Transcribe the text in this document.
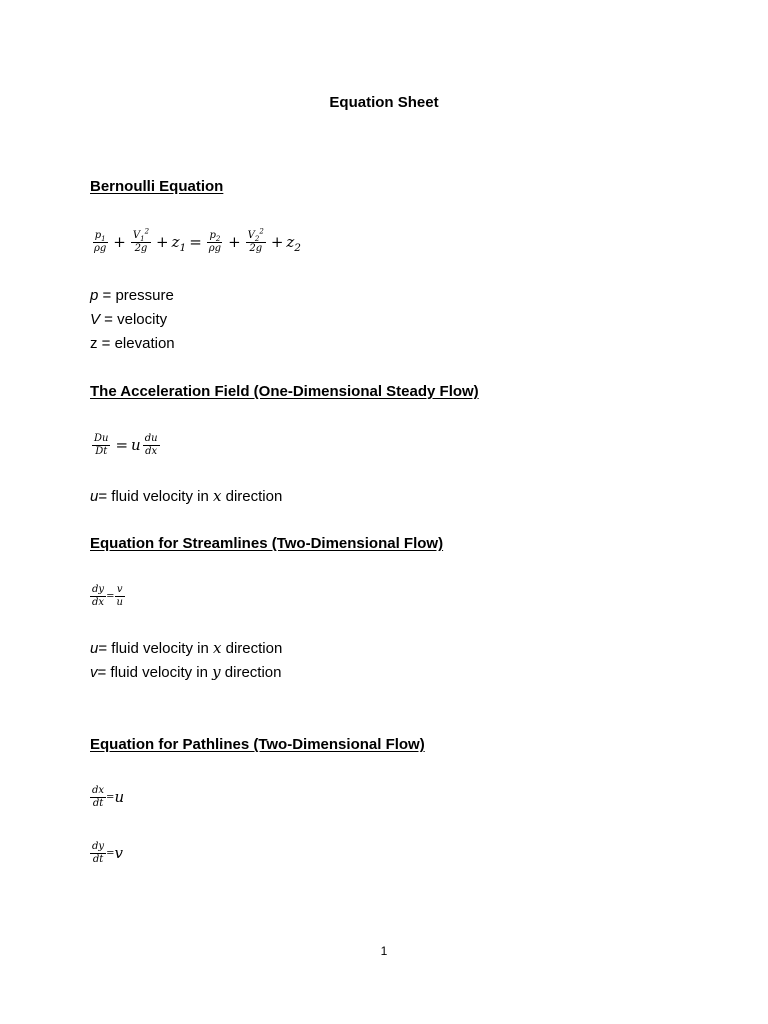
Equation Sheet
Bernoulli Equation
$\frac{p_1}{\rho g} + \frac{V_1^2}{2g} + z_1 = \frac{p_2}{\rho g} + \frac{V_2^2}{2g} + z_2$
p = pressure
V = velocity
z = elevation
The Acceleration Field (One-Dimensional Steady Flow)
$\frac{Du}{Dt} = u \frac{du}{dx}$
u= fluid velocity in x direction
Equation for Streamlines (Two-Dimensional Flow)
$\frac{dy}{dx} = \frac{v}{u}$
u= fluid velocity in x direction
v= fluid velocity in y direction
Equation for Pathlines (Two-Dimensional Flow)
$\frac{dx}{dt} = u$
$\frac{dy}{dt} = v$
1
